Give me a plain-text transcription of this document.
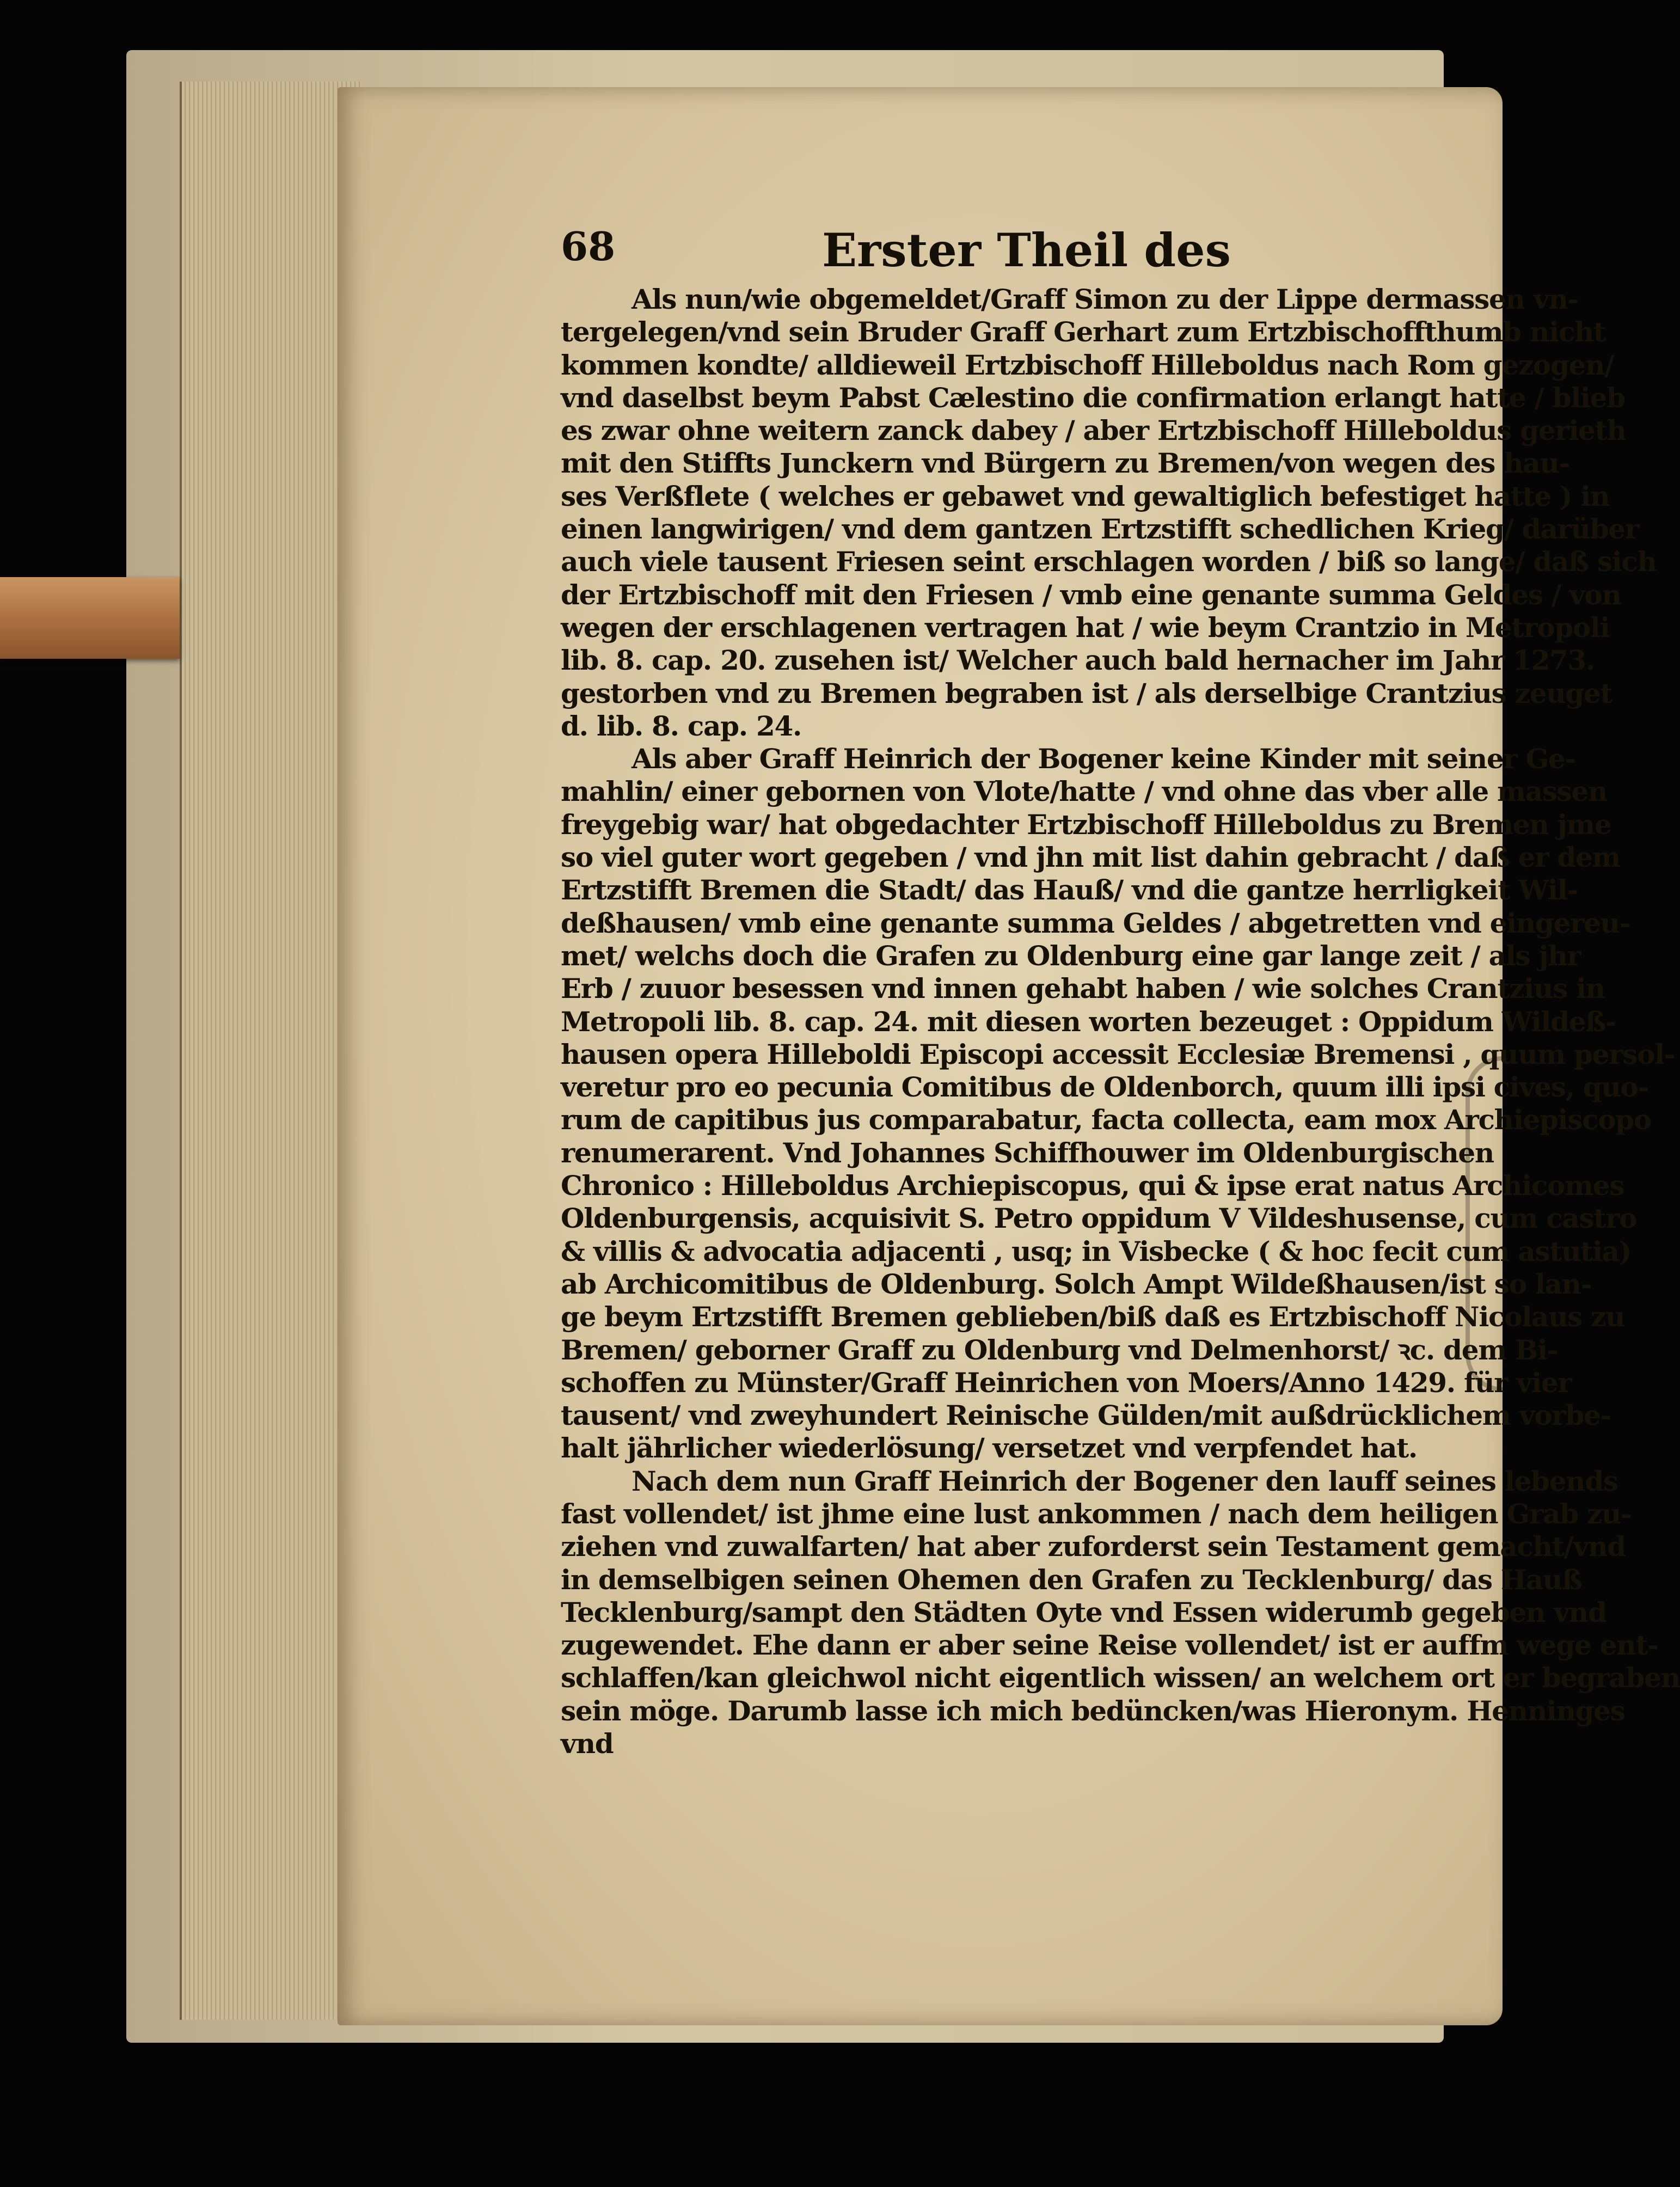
68	Erster Theil des
Als nun/wie obgemeldet/Graff Simon zu der Lippe dermassen vn-
tergelegen/vnd sein Bruder Graff Gerhart zum Ertzbischoffthumb nicht
kommen kondte/ alldieweil Ertzbischoff Hilleboldus nach Rom gezogen/
vnd daselbst beym Pabst Cælestino die confirmation erlangt hatte / blieb
es zwar ohne weitern zanck dabey / aber Ertzbischoff Hilleboldus gerieth
mit den Stiffts Junckern vnd Bürgern zu Bremen/von wegen des hau-
ses Verßflete ( welches er gebawet vnd gewaltiglich befestiget hatte ) in
einen langwirigen/ vnd dem gantzen Ertzstifft schedlichen Krieg/ darüber
auch viele tausent Friesen seint erschlagen worden / biß so lange/ daß sich
der Ertzbischoff mit den Friesen / vmb eine genante summa Geldes / von
wegen der erschlagenen vertragen hat / wie beym Crantzio in Metropoli
lib. 8. cap. 20. zusehen ist/ Welcher auch bald hernacher im Jahr 1273.
gestorben vnd zu Bremen begraben ist / als derselbige Crantzius zeuget
d. lib. 8. cap. 24.
Als aber Graff Heinrich der Bogener keine Kinder mit seiner Ge-
mahlin/ einer gebornen von Vlote/hatte / vnd ohne das vber alle massen
freygebig war/ hat obgedachter Ertzbischoff Hilleboldus zu Bremen jme
so viel guter wort gegeben / vnd jhn mit list dahin gebracht / daß er dem
Ertzstifft Bremen die Stadt/ das Hauß/ vnd die gantze herrligkeit Wil-
deßhausen/ vmb eine genante summa Geldes / abgetretten vnd eingereu-
met/ welchs doch die Grafen zu Oldenburg eine gar lange zeit / als jhr
Erb / zuuor besessen vnd innen gehabt haben / wie solches Crantzius in
Metropoli lib. 8. cap. 24. mit diesen worten bezeuget : Oppidum Wildeß-
hausen opera Hilleboldi Episcopi accessit Ecclesiæ Bremensi , quum persol-
veretur pro eo pecunia Comitibus de Oldenborch, quum illi ipsi cives, quo-
rum de capitibus jus comparabatur, facta collecta, eam mox Archiepiscopo
renumerarent. Vnd Johannes Schiffhouwer im Oldenburgischen
Chronico : Hilleboldus Archiepiscopus, qui & ipse erat natus Archicomes
Oldenburgensis, acquisivit S. Petro oppidum V Vildeshusense, cum castro
& villis & advocatia adjacenti , usq; in Visbecke ( & hoc fecit cum astutia)
ab Archicomitibus de Oldenburg. Solch Ampt Wildeßhausen/ist so lan-
ge beym Ertzstifft Bremen geblieben/biß daß es Ertzbischoff Nicolaus zu
Bremen/ geborner Graff zu Oldenburg vnd Delmenhorst/ ꝛc. dem Bi-
schoffen zu Münster/Graff Heinrichen von Moers/Anno 1429. für vier
tausent/ vnd zweyhundert Reinische Gülden/mit außdrücklichem vorbe-
halt jährlicher wiederlösung/ versetzet vnd verpfendet hat.
Nach dem nun Graff Heinrich der Bogener den lauff seines lebends
fast vollendet/ ist jhme eine lust ankommen / nach dem heiligen Grab zu-
ziehen vnd zuwalfarten/ hat aber zuforderst sein Testament gemacht/vnd
in demselbigen seinen Ohemen den Grafen zu Tecklenburg/ das Hauß
Tecklenburg/sampt den Städten Oyte vnd Essen widerumb gegeben vnd
zugewendet. Ehe dann er aber seine Reise vollendet/ ist er auffm wege ent-
schlaffen/kan gleichwol nicht eigentlich wissen/ an welchem ort er begraben
sein möge. Darumb lasse ich mich bedüncken/was Hieronym. Henninges
vnd
